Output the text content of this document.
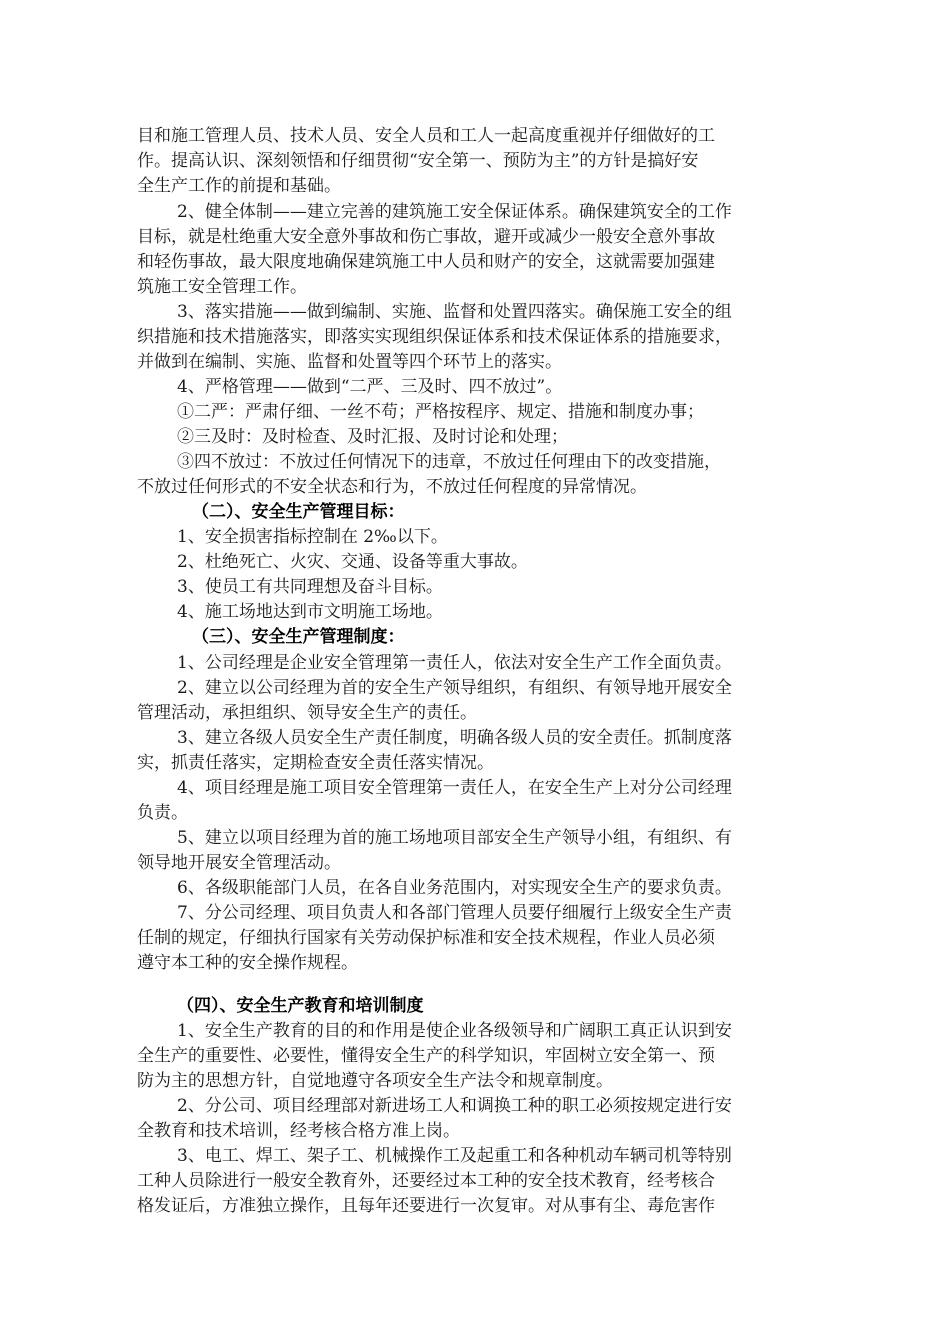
目和施工管理人员、技术人员、安全人员和工人一起高度重视并仔细做好的工
作。提高认识、深刻领悟和仔细贯彻“安全第一、预防为主”的方针是搞好安
全生产工作的前提和基础。
2、健全体制——建立完善的建筑施工安全保证体系。确保建筑安全的工作
目标，就是杜绝重大安全意外事故和伤亡事故，避开或减少一般安全意外事故
和轻伤事故，最大限度地确保建筑施工中人员和财产的安全，这就需要加强建
筑施工安全管理工作。
3、落实措施——做到编制、实施、监督和处置四落实。确保施工安全的组
织措施和技术措施落实，即落实实现组织保证体系和技术保证体系的措施要求，
并做到在编制、实施、监督和处置等四个环节上的落实。
4、严格管理——做到“二严、三及时、四不放过”。
①二严：严肃仔细、一丝不苟；严格按程序、规定、措施和制度办事；
②三及时：及时检查、及时汇报、及时讨论和处理；
③四不放过：不放过任何情况下的违章，不放过任何理由下的改变措施，
不放过任何形式的不安全状态和行为，不放过任何程度的异常情况。
（二）、安全生产管理目标：
1、安全损害指标控制在 2‰以下。
2、杜绝死亡、火灾、交通、设备等重大事故。
3、使员工有共同理想及奋斗目标。
4、施工场地达到市文明施工场地。
（三）、安全生产管理制度：
1、公司经理是企业安全管理第一责任人，依法对安全生产工作全面负责。
2、建立以公司经理为首的安全生产领导组织，有组织、有领导地开展安全
管理活动，承担组织、领导安全生产的责任。
3、建立各级人员安全生产责任制度，明确各级人员的安全责任。抓制度落
实，抓责任落实，定期检查安全责任落实情况。
4、项目经理是施工项目安全管理第一责任人，在安全生产上对分公司经理
负责。
5、建立以项目经理为首的施工场地项目部安全生产领导小组，有组织、有
领导地开展安全管理活动。
6、各级职能部门人员，在各自业务范围内，对实现安全生产的要求负责。
7、分公司经理、项目负责人和各部门管理人员要仔细履行上级安全生产责
任制的规定，仔细执行国家有关劳动保护标准和安全技术规程，作业人员必须
遵守本工种的安全操作规程。
（四）、安全生产教育和培训制度
1、安全生产教育的目的和作用是使企业各级领导和广阔职工真正认识到安
全生产的重要性、必要性，懂得安全生产的科学知识，牢固树立安全第一、预
防为主的思想方针，自觉地遵守各项安全生产法令和规章制度。
2、分公司、项目经理部对新进场工人和调换工种的职工必须按规定进行安
全教育和技术培训，经考核合格方准上岗。
3、电工、焊工、架子工、机械操作工及起重工和各种机动车辆司机等特别
工种人员除进行一般安全教育外，还要经过本工种的安全技术教育，经考核合
格发证后，方准独立操作，且每年还要进行一次复审。对从事有尘、毒危害作
